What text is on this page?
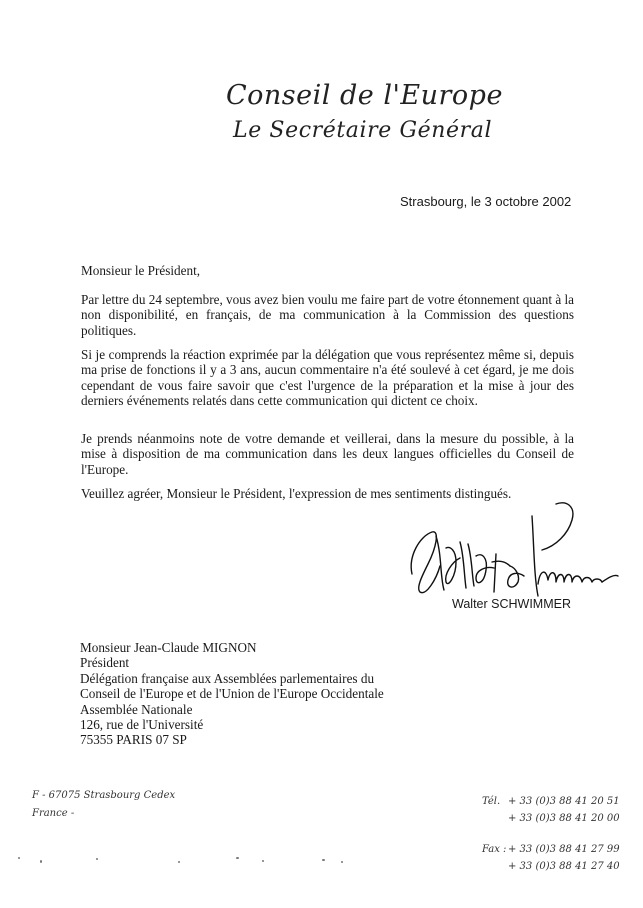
Conseil de l'Europe
Le Secrétaire Général
Strasbourg, le 3 octobre 2002
Monsieur le Président,
Par lettre du 24 septembre, vous avez bien voulu me faire part de votre étonnement quant à la non disponibilité, en français, de ma communication à la Commission des questions politiques.
Si je comprends la réaction exprimée par la délégation que vous représentez même si, depuis ma prise de fonctions il y a 3 ans, aucun commentaire n'a été soulevé à cet égard, je me dois cependant de vous faire savoir que c'est l'urgence de la préparation et la mise à jour des derniers événements relatés dans cette communication qui dictent ce choix.
Je prends néanmoins note de votre demande et veillerai, dans la mesure du possible, à la mise à disposition de ma communication dans les deux langues officielles du Conseil de l'Europe.
Veuillez agréer, Monsieur le Président, l'expression de mes sentiments distingués.
Walter SCHWIMMER
Monsieur Jean-Claude MIGNON
Président
Délégation française aux Assemblées parlementaires du
Conseil de l'Europe et de l'Union de l'Europe Occidentale
Assemblée Nationale
126, rue de l'Université
75355 PARIS 07 SP
F - 67075 Strasbourg Cedex
France -
Tél. + 33 (0)3 88 41 20 51
+ 33 (0)3 88 41 20 00
Fax : + 33 (0)3 88 41 27 99
+ 33 (0)3 88 41 27 40
